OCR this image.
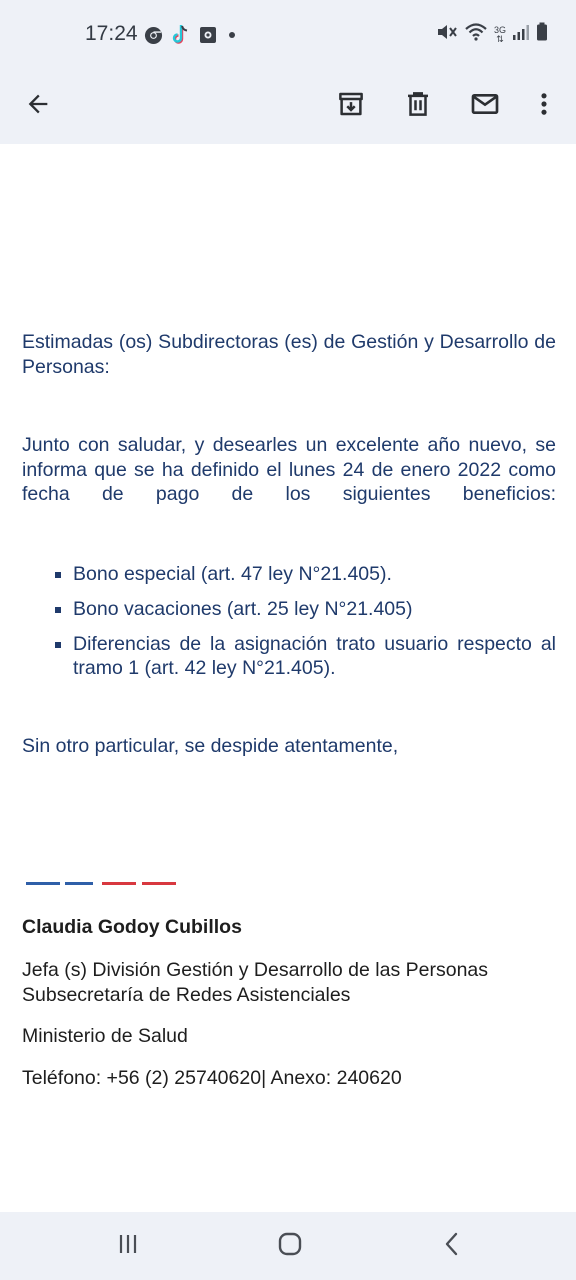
17:24	3G
⇅
Estimadas (os) Subdirectoras (es) de Gestión y Desarrollo de Personas:
Junto con saludar, y desearles un excelente año nuevo, se informa que se ha definido el lunes 24 de enero 2022 como fecha de pago de los siguientes beneficios:
Bono especial (art. 47 ley N°21.405).
Bono vacaciones (art. 25 ley N°21.405)
Diferencias de la asignación trato usuario respecto al tramo 1 (art. 42 ley N°21.405).
Sin otro particular, se despide atentamente,
Claudia Godoy Cubillos
Jefa (s) División Gestión y Desarrollo de las Personas
Subsecretaría de Redes Asistenciales
Ministerio de Salud
Teléfono: +56 (2) 25740620| Anexo: 240620
